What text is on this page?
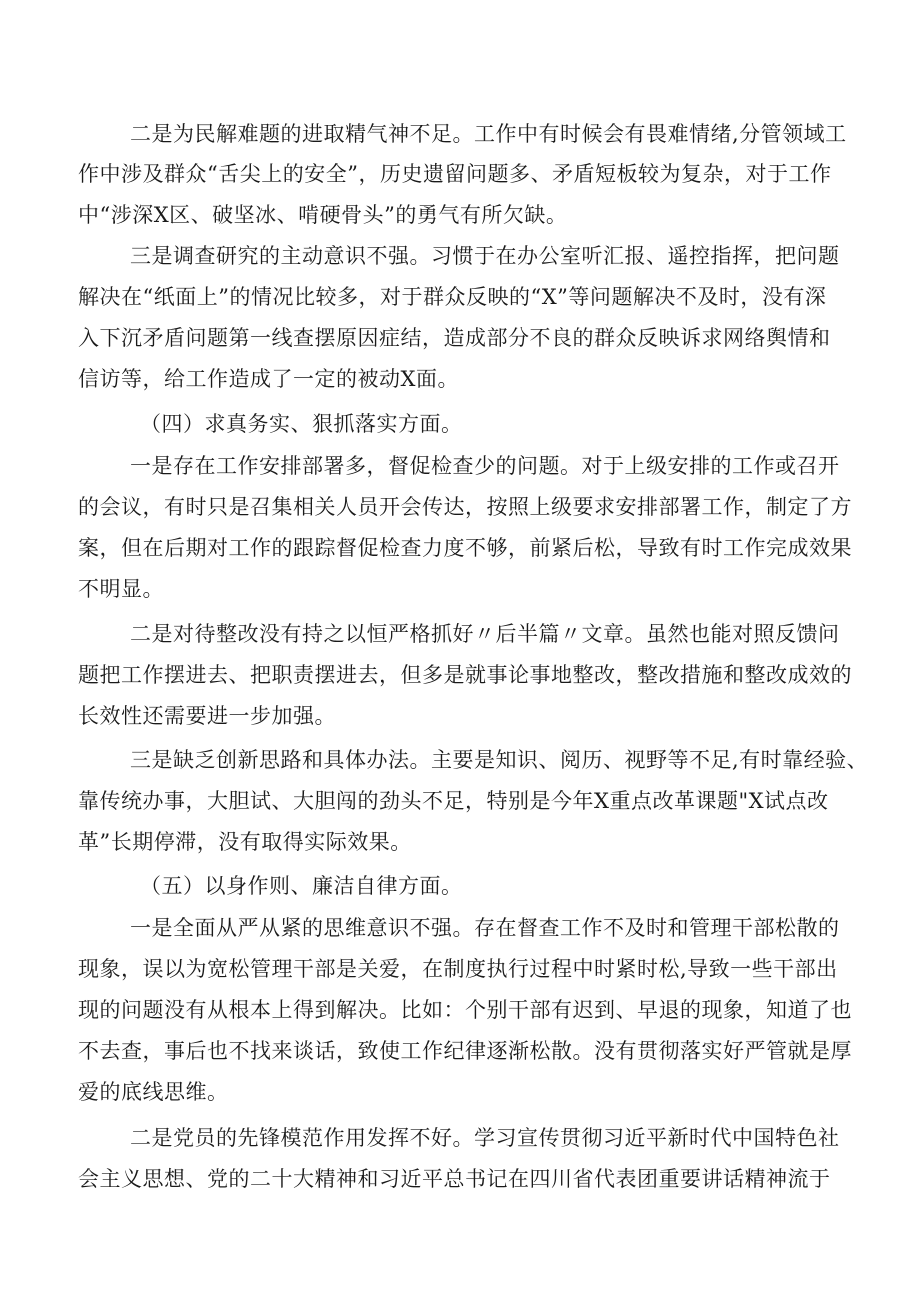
二是为民解难题的进取精气神不足。工作中有时候会有畏难情绪,分管领域工
作中涉及群众“舌尖上的安全”，历史遗留问题多、矛盾短板较为复杂，对于工作
中“涉深X区、破坚冰、啃硬骨头”的勇气有所欠缺。
三是调查研究的主动意识不强。习惯于在办公室听汇报、遥控指挥，把问题
解决在“纸面上”的情况比较多，对于群众反映的“X”等问题解决不及时，没有深
入下沉矛盾问题第一线查摆原因症结，造成部分不良的群众反映诉求网络舆情和
信访等，给工作造成了一定的被动X面。
（四）求真务实、狠抓落实方面。
一是存在工作安排部署多，督促检查少的问题。对于上级安排的工作或召开
的会议，有时只是召集相关人员开会传达，按照上级要求安排部署工作，制定了方
案，但在后期对工作的跟踪督促检查力度不够，前紧后松，导致有时工作完成效果
不明显。
二是对待整改没有持之以恒严格抓好〃后半篇〃文章。虽然也能对照反馈问
题把工作摆进去、把职责摆进去，但多是就事论事地整改，整改措施和整改成效的
长效性还需要进一步加强。
三是缺乏创新思路和具体办法。主要是知识、阅历、视野等不足,有时靠经验、
靠传统办事，大胆试、大胆闯的劲头不足，特别是今年X重点改革课题"X试点改
革”长期停滞，没有取得实际效果。
（五）以身作则、廉洁自律方面。
一是全面从严从紧的思维意识不强。存在督查工作不及时和管理干部松散的
现象，误以为宽松管理干部是关爱，在制度执行过程中时紧时松,导致一些干部出
现的问题没有从根本上得到解决。比如：个别干部有迟到、早退的现象，知道了也
不去查，事后也不找来谈话，致使工作纪律逐渐松散。没有贯彻落实好严管就是厚
爱的底线思维。
二是党员的先锋模范作用发挥不好。学习宣传贯彻习近平新时代中国特色社
会主义思想、党的二十大精神和习近平总书记在四川省代表团重要讲话精神流于
